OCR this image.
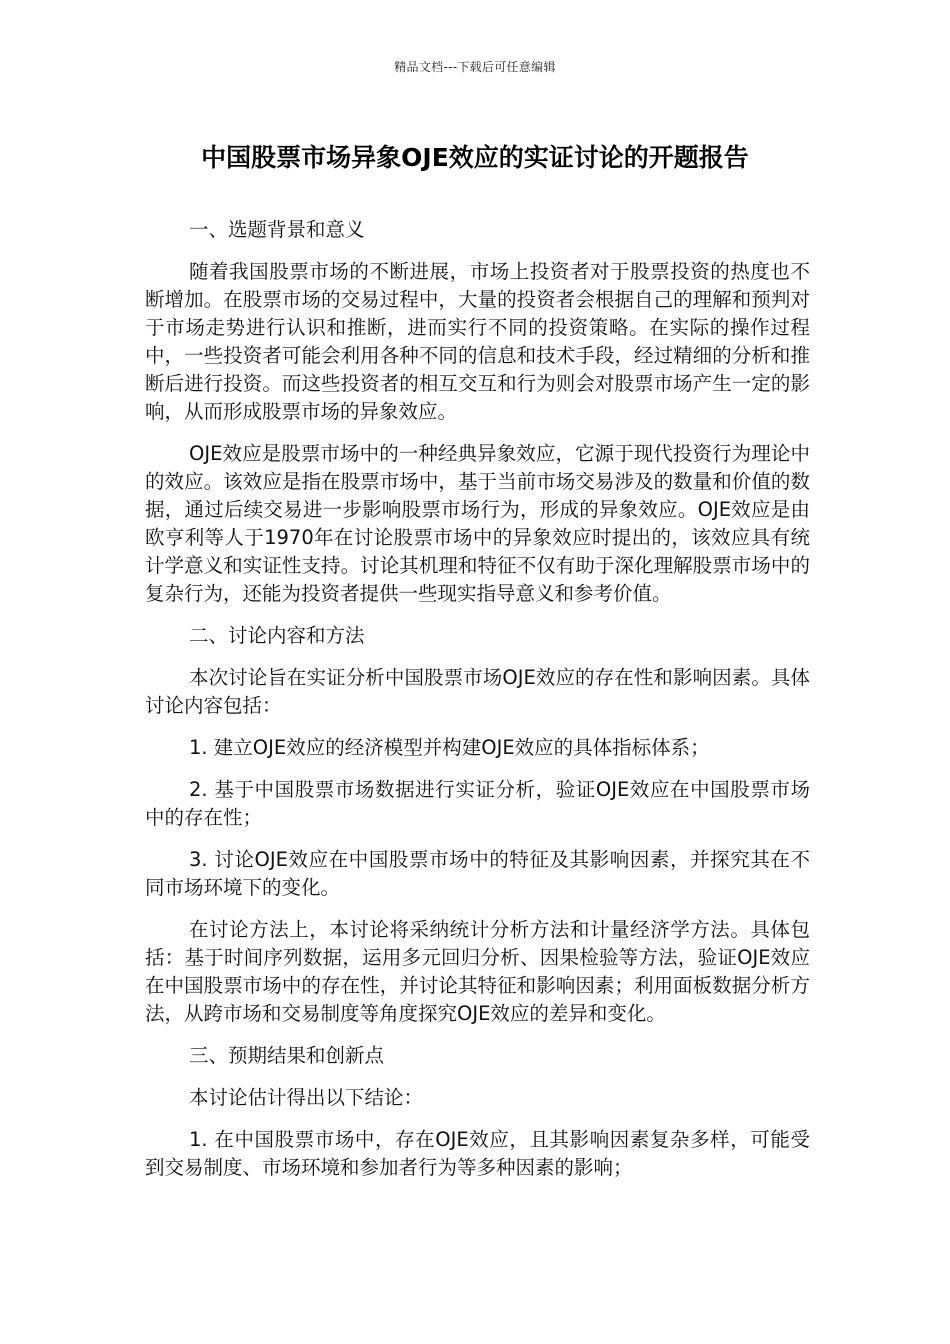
精品文档---下载后可任意编辑
中国股票市场异象OJE效应的实证讨论的开题报告

一、选题背景和意义

随着我国股票市场的不断进展，市场上投资者对于股票投资的热度也不断增加。在股票市场的交易过程中，大量的投资者会根据自己的理解和预判对于市场走势进行认识和推断，进而实行不同的投资策略。在实际的操作过程中，一些投资者可能会利用各种不同的信息和技术手段，经过精细的分析和推断后进行投资。而这些投资者的相互交互和行为则会对股票市场产生一定的影响，从而形成股票市场的异象效应。

OJE效应是股票市场中的一种经典异象效应，它源于现代投资行为理论中的效应。该效应是指在股票市场中，基于当前市场交易涉及的数量和价值的数据，通过后续交易进一步影响股票市场行为，形成的异象效应。OJE效应是由欧亨利等人于1970年在讨论股票市场中的异象效应时提出的，该效应具有统计学意义和实证性支持。讨论其机理和特征不仅有助于深化理解股票市场中的复杂行为，还能为投资者提供一些现实指导意义和参考价值。

二、讨论内容和方法

本次讨论旨在实证分析中国股票市场OJE效应的存在性和影响因素。具体讨论内容包括：

1. 建立OJE效应的经济模型并构建OJE效应的具体指标体系；

2. 基于中国股票市场数据进行实证分析，验证OJE效应在中国股票市场中的存在性；

3. 讨论OJE效应在中国股票市场中的特征及其影响因素，并探究其在不同市场环境下的变化。

在讨论方法上，本讨论将采纳统计分析方法和计量经济学方法。具体包括：基于时间序列数据，运用多元回归分析、因果检验等方法，验证OJE效应在中国股票市场中的存在性，并讨论其特征和影响因素；利用面板数据分析方法，从跨市场和交易制度等角度探究OJE效应的差异和变化。

三、预期结果和创新点

本讨论估计得出以下结论：

1. 在中国股票市场中，存在OJE效应，且其影响因素复杂多样，可能受到交易制度、市场环境和参加者行为等多种因素的影响；
